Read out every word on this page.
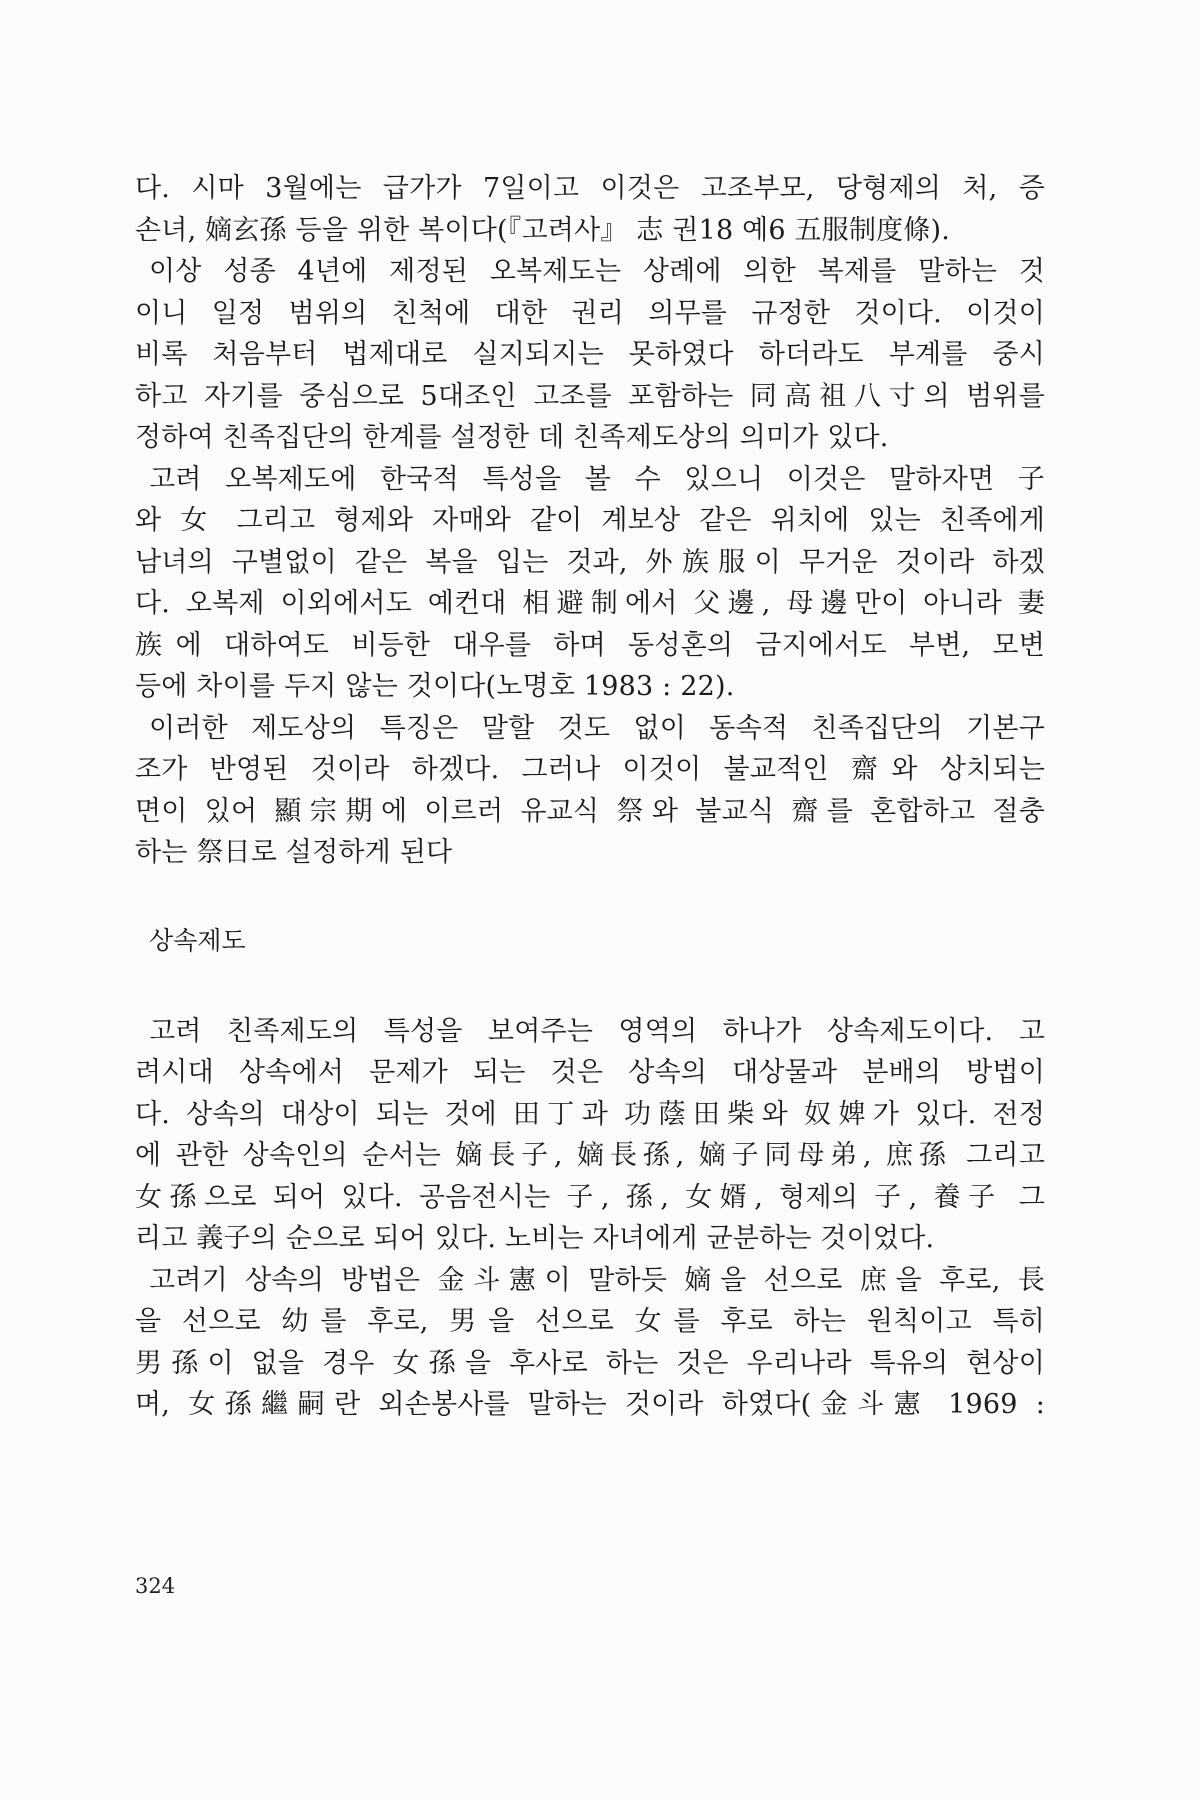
다. 시마 3월에는 급가가 7일이고 이것은 고조부모, 당형제의 처, 증
손녀, 嫡玄孫 등을 위한 복이다(『고려사』 志 권18 예6 五服制度條).
이상 성종 4년에 제정된 오복제도는 상례에 의한 복제를 말하는 것
이니 일정 범위의 친척에 대한 권리 의무를 규정한 것이다. 이것이
비록 처음부터 법제대로 실지되지는 못하였다 하더라도 부계를 중시
하고 자기를 중심으로 5대조인 고조를 포함하는 同高祖八寸의 범위를
정하여 친족집단의 한계를 설정한 데 친족제도상의 의미가 있다.
고려 오복제도에 한국적 특성을 볼 수 있으니 이것은 말하자면 子
와 女 그리고 형제와 자매와 같이 계보상 같은 위치에 있는 친족에게
남녀의 구별없이 같은 복을 입는 것과, 外族服이 무거운 것이라 하겠
다. 오복제 이외에서도 예컨대 相避制에서 父邊, 母邊만이 아니라 妻
族에 대하여도 비등한 대우를 하며 동성혼의 금지에서도 부변, 모변
등에 차이를 두지 않는 것이다(노명호 1983 : 22).
이러한 제도상의 특징은 말할 것도 없이 동속적 친족집단의 기본구
조가 반영된 것이라 하겠다. 그러나 이것이 불교적인 齋와 상치되는
면이 있어 顯宗期에 이르러 유교식 祭와 불교식 齋를 혼합하고 절충
하는 祭日로 설정하게 된다
상속제도
고려 친족제도의 특성을 보여주는 영역의 하나가 상속제도이다. 고
려시대 상속에서 문제가 되는 것은 상속의 대상물과 분배의 방법이
다. 상속의 대상이 되는 것에 田丁과 功蔭田柴와 奴婢가 있다. 전정
에 관한 상속인의 순서는 嫡長子, 嫡長孫, 嫡子同母弟, 庶孫 그리고
女孫으로 되어 있다. 공음전시는 子, 孫, 女婿, 형제의 子, 養子 그
리고 義子의 순으로 되어 있다. 노비는 자녀에게 균분하는 것이었다.
고려기 상속의 방법은 金斗憲이 말하듯 嫡을 선으로 庶을 후로, 長
을 선으로 幼를 후로, 男을 선으로 女를 후로 하는 원칙이고 특히
男孫이 없을 경우 女孫을 후사로 하는 것은 우리나라 특유의 현상이
며, 女孫繼嗣란 외손봉사를 말하는 것이라 하였다(金斗憲 1969 :
324
